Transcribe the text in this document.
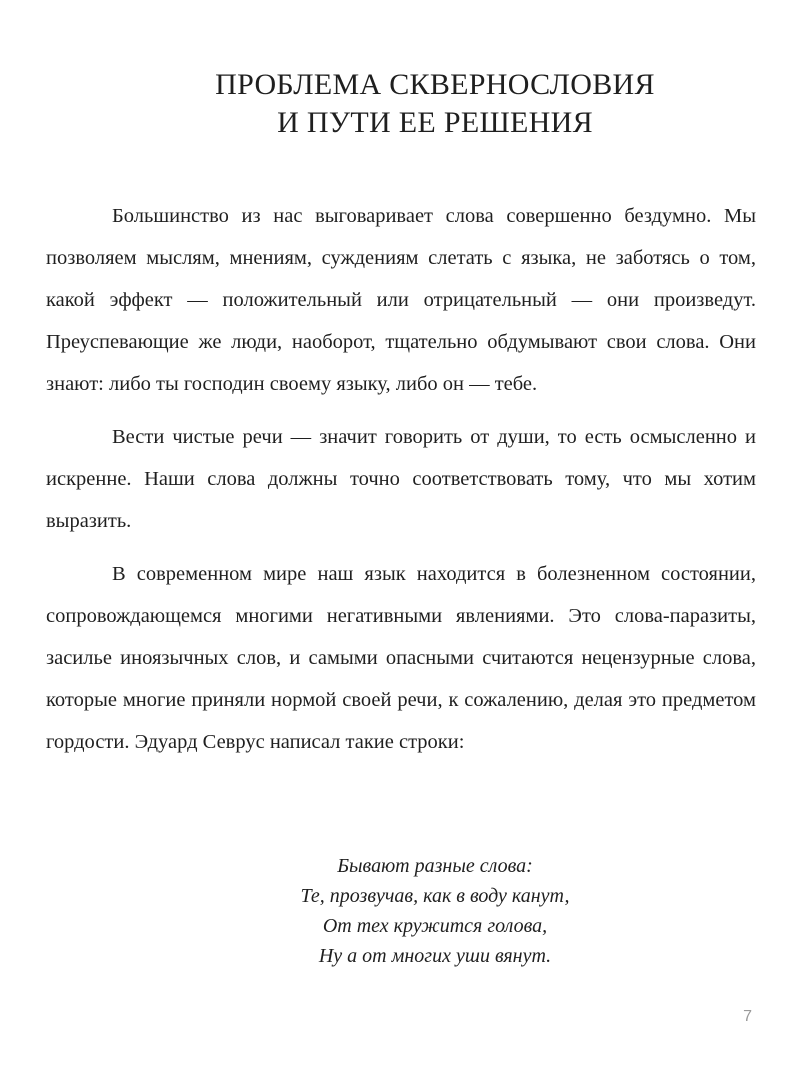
ПРОБЛЕМА СКВЕРНОСЛОВИЯ
И ПУТИ ЕЕ РЕШЕНИЯ

Большинство из нас выговаривает слова совершенно бездумно. Мы позволяем мыслям, мнениям, суждениям слетать с языка, не заботясь о том, какой эффект — положительный или отрицательный — они произведут. Преуспевающие же люди, наоборот, тщательно обдумывают свои слова. Они знают: либо ты господин своему языку, либо он — тебе.

Вести чистые речи — значит говорить от души, то есть осмысленно и искренне. Наши слова должны точно соответствовать тому, что мы хотим выразить.

В современном мире наш язык находится в болезненном состоянии, сопровождающемся многими негативными явлениями. Это слова-паразиты, засилье иноязычных слов, и самыми опасными считаются нецензурные слова, которые многие приняли нормой своей речи, к сожалению, делая это предметом гордости. Эдуард Севрус написал такие строки:

Бывают разные слова:
Те, прозвучав, как в воду канут,
От тех кружится голова,
Ну а от многих уши вянут.
7
